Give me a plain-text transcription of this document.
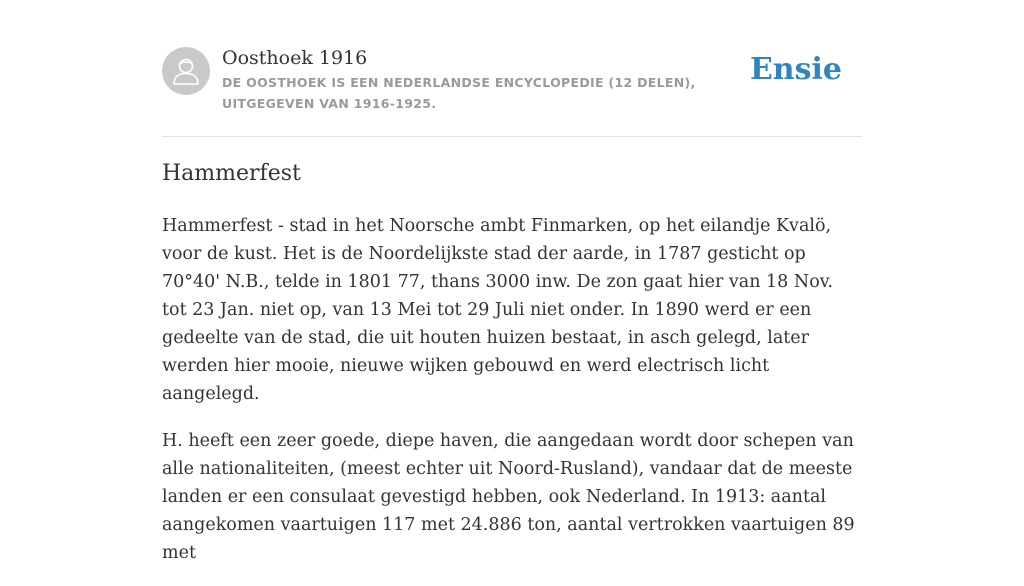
Oosthoek 1916
DE OOSTHOEK IS EEN NEDERLANDSE ENCYCLOPEDIE (12 DELEN), UITGEGEVEN VAN 1916-1925.
Ensie
Hammerfest

Hammerfest - stad in het Noorsche ambt Finmarken, op het eilandje Kvalö, voor de kust. Het is de Noordelijkste stad der aarde, in 1787 gesticht op 70°40' N.B., telde in 1801 77, thans 3000 inw. De zon gaat hier van 18 Nov. tot 23 Jan. niet op, van 13 Mei tot 29 Juli niet onder. In 1890 werd er een gedeelte van de stad, die uit houten huizen bestaat, in asch gelegd, later werden hier mooie, nieuwe wijken gebouwd en werd electrisch licht aangelegd.

H. heeft een zeer goede, diepe haven, die aangedaan wordt door schepen van alle nationaliteiten, (meest echter uit Noord-Rusland), vandaar dat de meeste landen er een consulaat gevestigd hebben, ook Nederland. In 1913: aantal aangekomen vaartuigen 117 met 24.886 ton, aantal vertrokken vaartuigen 89 met
